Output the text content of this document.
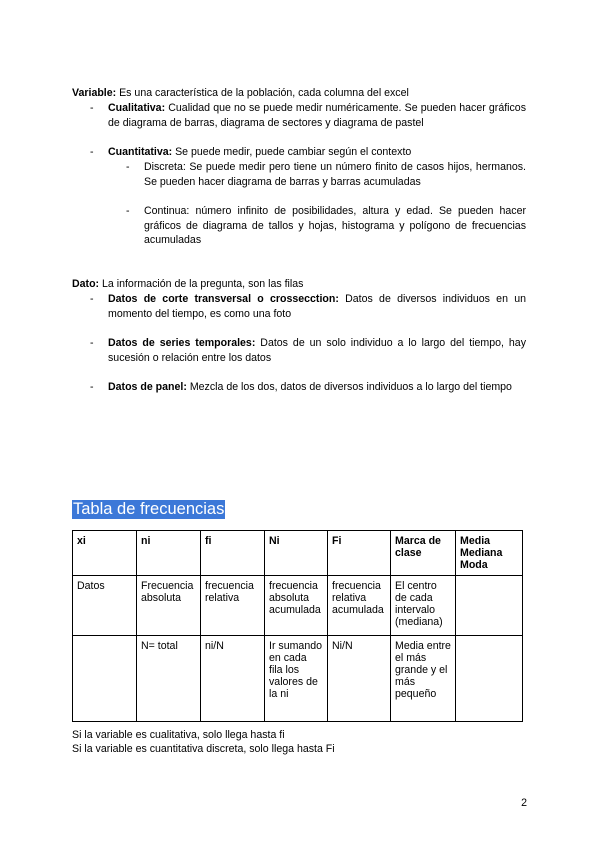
Variable: Es una característica de la población, cada columna del excel

- Cualitativa: Cualidad que no se puede medir numéricamente. Se pueden hacer gráficos de diagrama de barras, diagrama de sectores y diagrama de pastel

- Cuantitativa: Se puede medir, puede cambiar según el contexto

- Discreta: Se puede medir pero tiene un número finito de casos hijos, hermanos. Se pueden hacer diagrama de barras y barras acumuladas

- Continua: número infinito de posibilidades, altura y edad. Se pueden hacer gráficos de diagrama de tallos y hojas, histograma y polígono de frecuencias acumuladas

Dato: La información de la pregunta, son las filas

- Datos de corte transversal o crossecction: Datos de diversos individuos en un momento del tiempo, es como una foto

- Datos de series temporales: Datos de un solo individuo a lo largo del tiempo, hay sucesión o relación entre los datos

- Datos de panel: Mezcla de los dos, datos de diversos individuos a lo largo del tiempo

Tabla de frecuencias
xi	ni	fi	Ni	Fi	Marca de clase	Media Mediana Moda
Datos	Frecuencia absoluta	frecuencia relativa	frecuencia absoluta acumulada	frecuencia relativa acumulada	El centro de cada intervalo (mediana)	
	N= total	ni/N	Ir sumando en cada fila los valores de la ni	Ni/N	Media entre el más grande y el más pequeño	

Si la variable es cualitativa, solo llega hasta fi

Si la variable es cuantitativa discreta, solo llega hasta Fi

2
